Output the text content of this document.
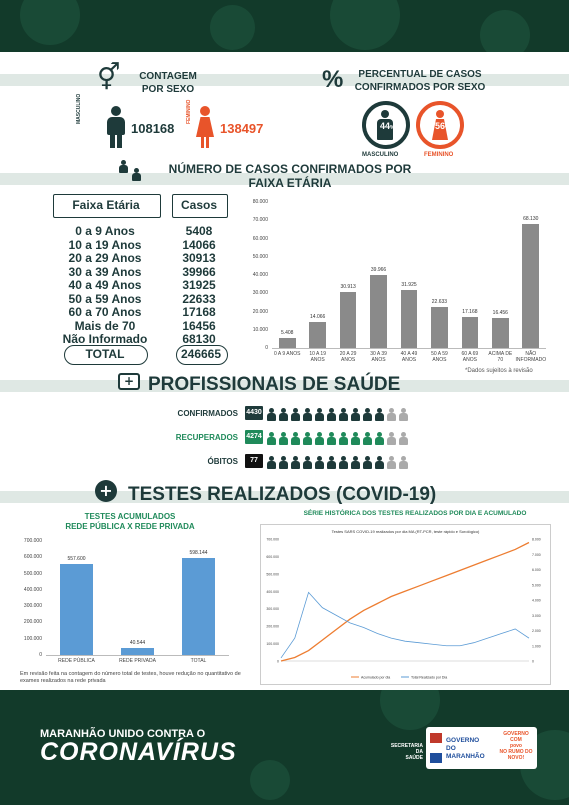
⚥	CONTAGEM
POR SEXO
MASCULINO
108168
FEMININO
138497
%	PERCENTUAL DE CASOS
CONFIRMADOS POR SEXO
44%
MASCULINO
56%
FEMININO
NÚMERO DE CASOS CONFIRMADOS POR
FAIXA ETÁRIA
Faixa Etária	Casos
0 a 9 Anos	5408
10 a 19 Anos	14066
20 a 29 Anos	30913
30 a 39 Anos	39966
40 a 49 Anos	31925
50 a 59 Anos	22633
60 a 70 Anos	17168
Mais de 70	16456
Não Informado	68130
TOTAL	246665	0
10.000
20.000
30.000
40.000
50.000
60.000
70.000
80.000
5.408
0 A 9 ANOS
14.066
10 A 19 ANOS
30.913
20 A 29 ANOS
39.966
30 A 39 ANOS
31.925
40 A 49 ANOS
22.633
50 A 59 ANOS
17.168
60 A 69 ANOS
16.456
ACIMA DE 70
68.130
NÃO INFORMADO
*Dados sujeitos à revisão
+ PROFISSIONAIS DE SAÚDE
CONFIRMADOS 4430
RECUPERADOS 4274
ÓBITOS	77
+ TESTES REALIZADOS (COVID-19)
TESTES ACUMULADOS
REDE PÚBLICA X REDE PRIVADA
0
100.000
200.000
300.000
400.000
500.000
600.000
700.000
557.600
REDE PÚBLICA
40.544
REDE PRIVADA
598.144
TOTAL
Em revisão feita na contagem do número total de testes, houve redução no quantitativo de exames realizados na rede privada
SÉRIE HISTÓRICA DOS TESTES REALIZADOS POR DIA E ACUMULADO
Testes SARS COVID-19 realizados por dia MA (RT-PCR, teste rápido e Sorológico)
0
100.000
200.000
300.000
400.000
500.000
600.000
700.000
0
1.000
2.000
3.000
4.000
5.000
6.000
7.000
8.000
Acumulado por dia	Total Realizado por Dia
MARANHÃO UNIDO CONTRA O
CORONAVÍRUS	SECRETARIA DA
SAÚDE
GOVERNO DO
MARANHÃO
GOVERNO COM
povo
NO RUMO DO
NOVO!
